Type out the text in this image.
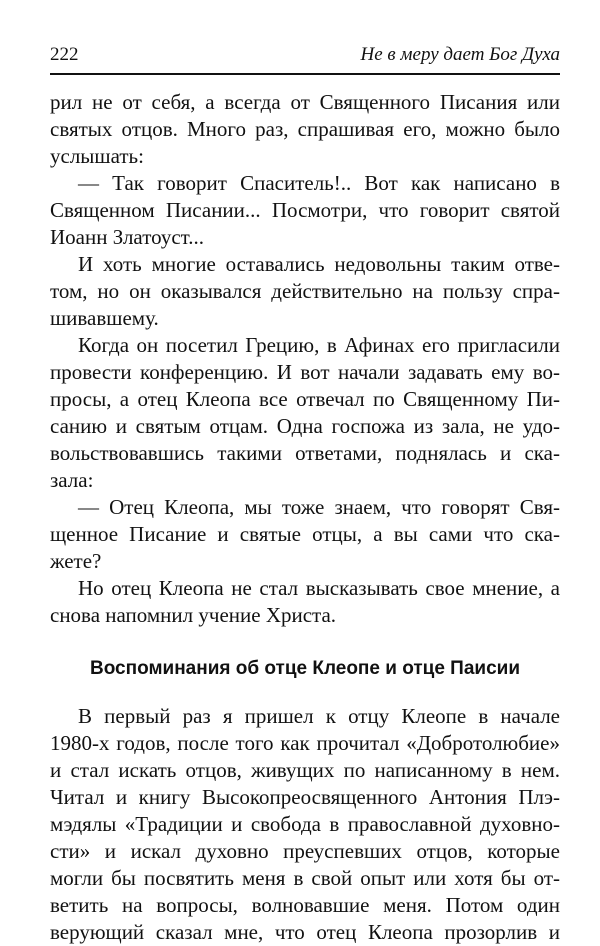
222	Не в меру дает Бог Духа
рил не от себя, а всегда от Священного Писания или
святых отцов. Много раз, спрашивая его, можно было
услышать:
— Так говорит Спаситель!.. Вот как написано в
Священном Писании... Посмотри, что говорит святой
Иоанн Златоуст...
И хоть многие оставались недовольны таким отве-
том, но он оказывался действительно на пользу спра-
шивавшему.
Когда он посетил Грецию, в Афинах его пригласили
провести конференцию. И вот начали задавать ему во-
просы, а отец Клеопа все отвечал по Священному Пи-
санию и святым отцам. Одна госпожа из зала, не удо-
вольствовавшись такими ответами, поднялась и ска-
зала:
— Отец Клеопа, мы тоже знаем, что говорят Свя-
щенное Писание и святые отцы, а вы сами что ска-
жете?
Но отец Клеопа не стал высказывать свое мнение, а
снова напомнил учение Христа.
Воспоминания об отце Клеопе и отце Паисии
В первый раз я пришел к отцу Клеопе в начале
1980-х годов, после того как прочитал «Добротолюбие»
и стал искать отцов, живущих по написанному в нем.
Читал и книгу Высокопреосвященного Антония Плэ-
мэдялы «Традиции и свобода в православной духовно-
сти» и искал духовно преуспевших отцов, которые
могли бы посвятить меня в свой опыт или хотя бы от-
ветить на вопросы, волновавшие меня. Потом один
верующий сказал мне, что отец Клеопа прозорлив и
